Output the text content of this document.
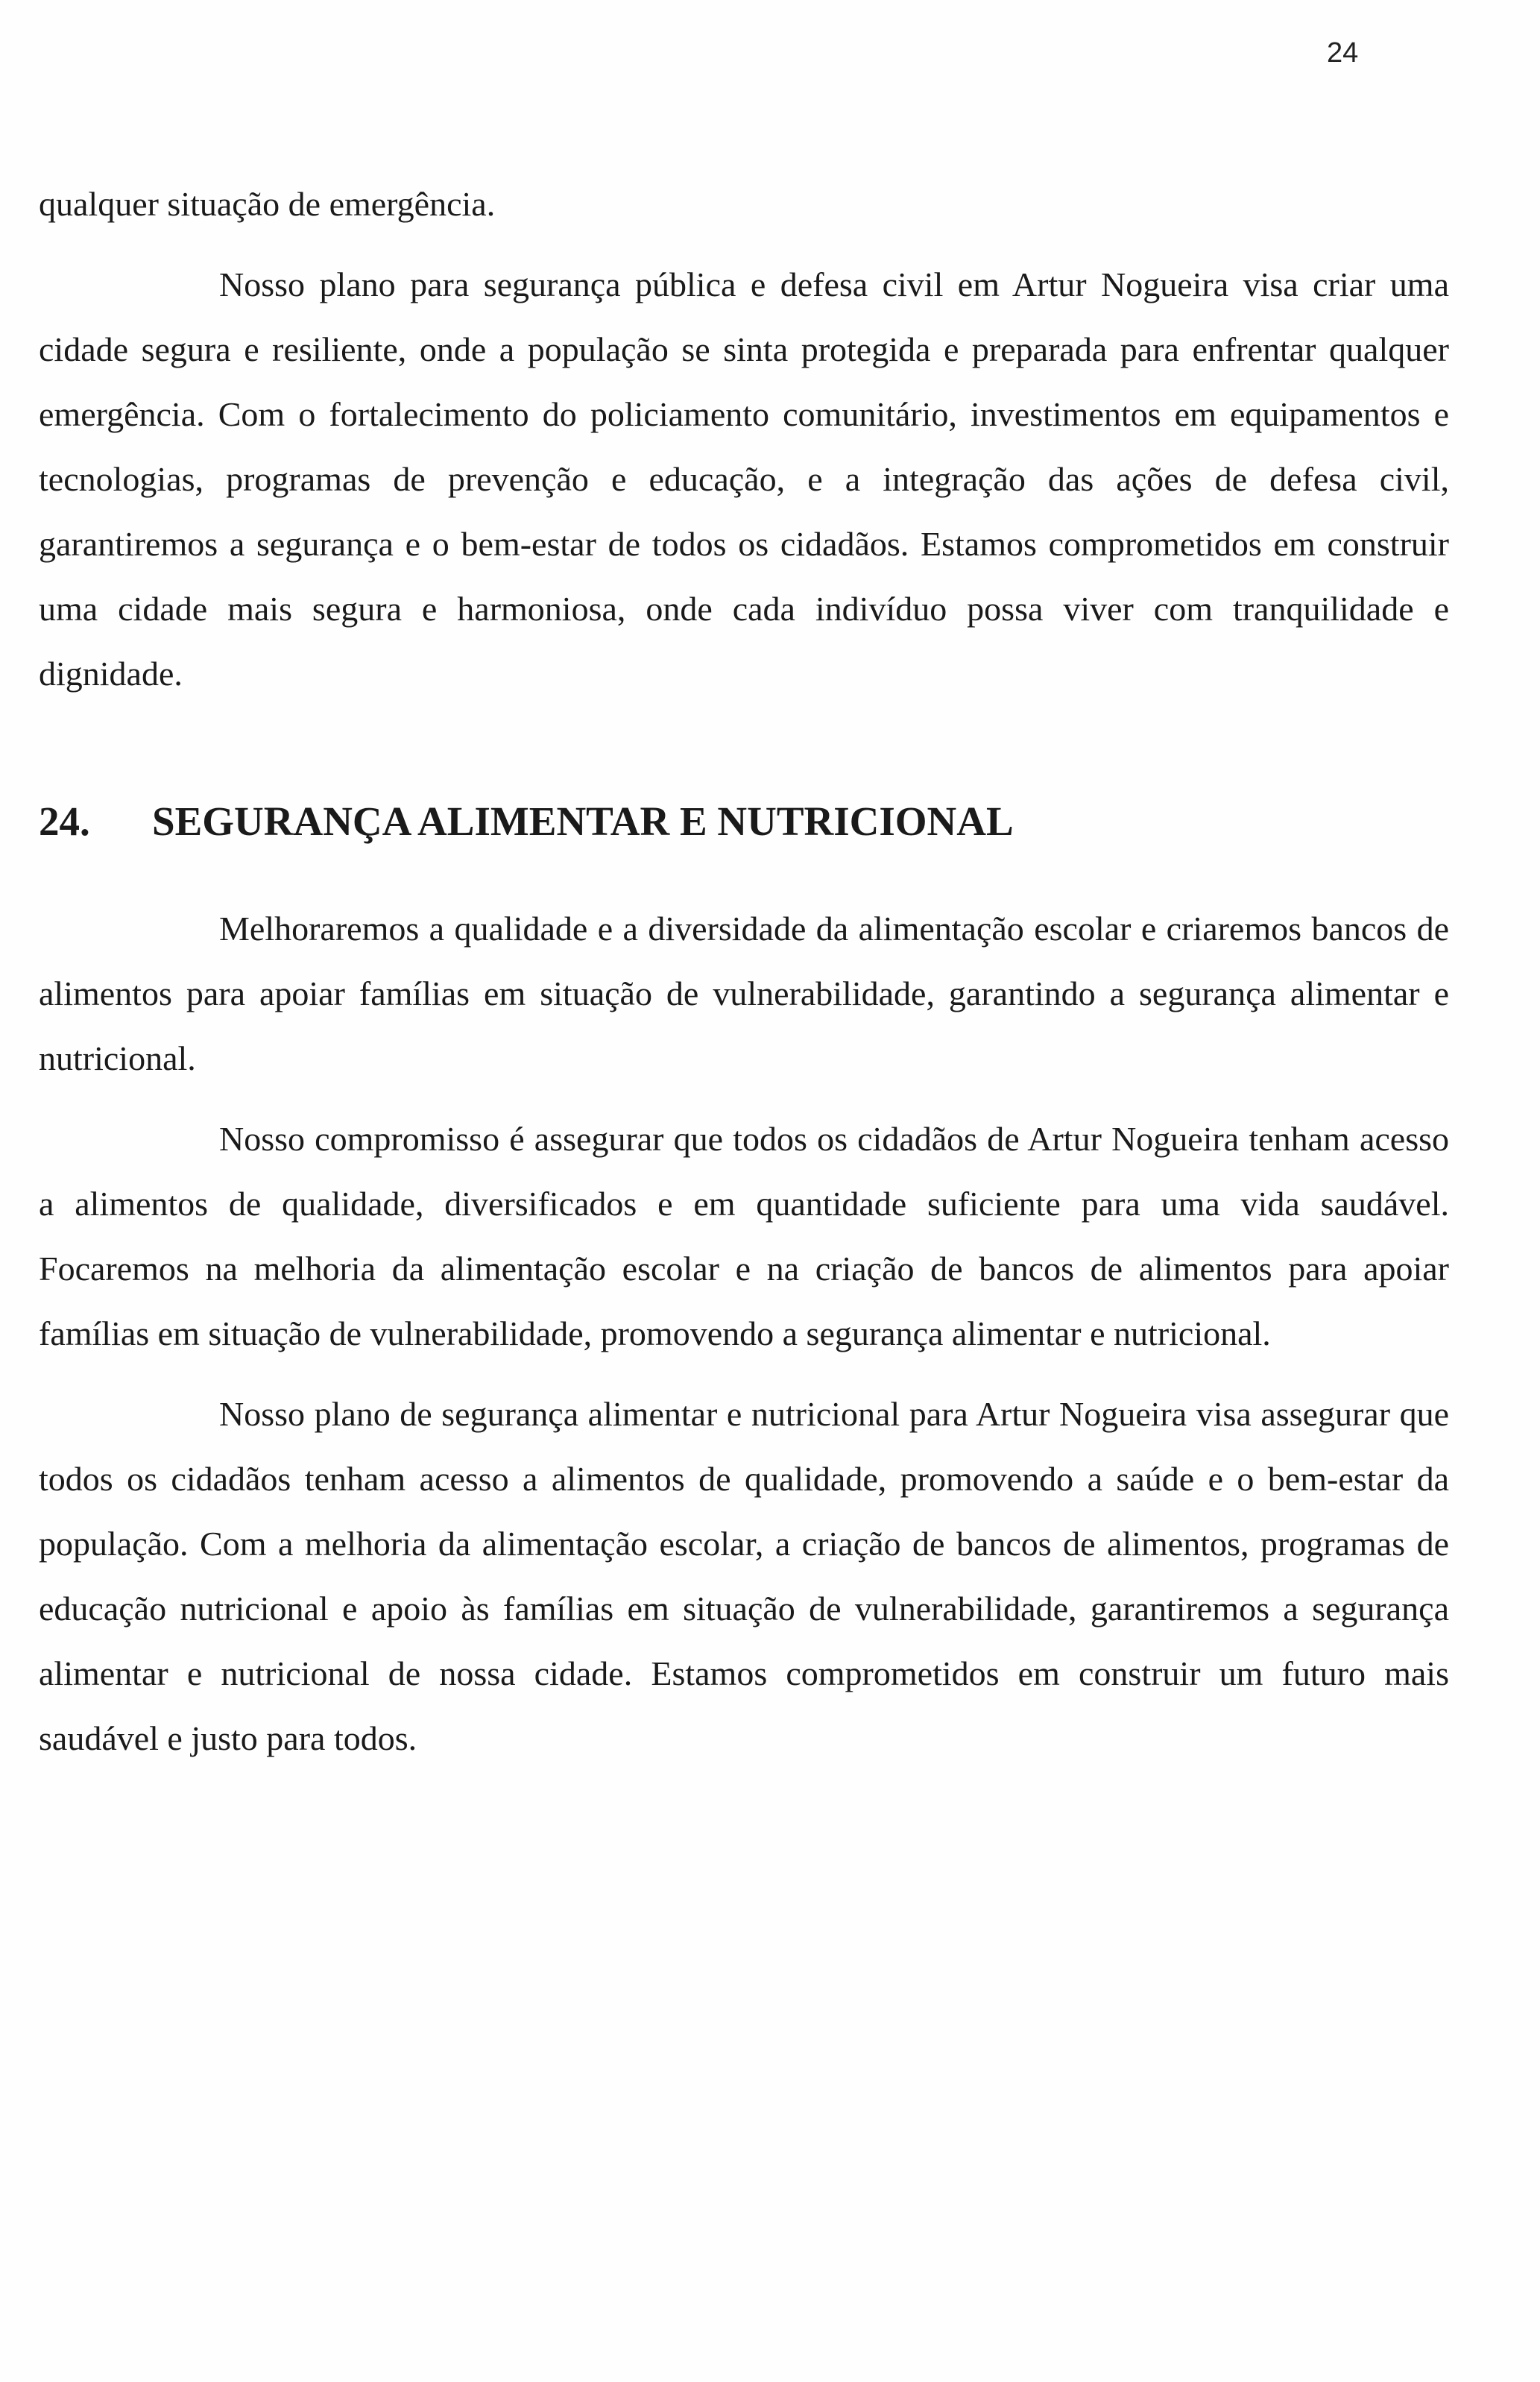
24

qualquer situação de emergência.

Nosso plano para segurança pública e defesa civil em Artur Nogueira visa criar uma cidade segura e resiliente, onde a população se sinta protegida e preparada para enfrentar qualquer emergência. Com o fortalecimento do policiamento comunitário, investimentos em equipamentos e tecnologias, programas de prevenção e educação, e a integração das ações de defesa civil, garantiremos a segurança e o bem-estar de todos os cidadãos. Estamos comprometidos em construir uma cidade mais segura e harmoniosa, onde cada indivíduo possa viver com tranquilidade e dignidade.

24.	SEGURANÇA ALIMENTAR E NUTRICIONAL

Melhoraremos a qualidade e a diversidade da alimentação escolar e criaremos bancos de alimentos para apoiar famílias em situação de vulnerabilidade, garantindo a segurança alimentar e nutricional.

Nosso compromisso é assegurar que todos os cidadãos de Artur Nogueira tenham acesso a alimentos de qualidade, diversificados e em quantidade suficiente para uma vida saudável. Focaremos na melhoria da alimentação escolar e na criação de bancos de alimentos para apoiar famílias em situação de vulnerabilidade, promovendo a segurança alimentar e nutricional.

Nosso plano de segurança alimentar e nutricional para Artur Nogueira visa assegurar que todos os cidadãos tenham acesso a alimentos de qualidade, promovendo a saúde e o bem-estar da população. Com a melhoria da alimentação escolar, a criação de bancos de alimentos, programas de educação nutricional e apoio às famílias em situação de vulnerabilidade, garantiremos a segurança alimentar e nutricional de nossa cidade. Estamos comprometidos em construir um futuro mais saudável e justo para todos.
